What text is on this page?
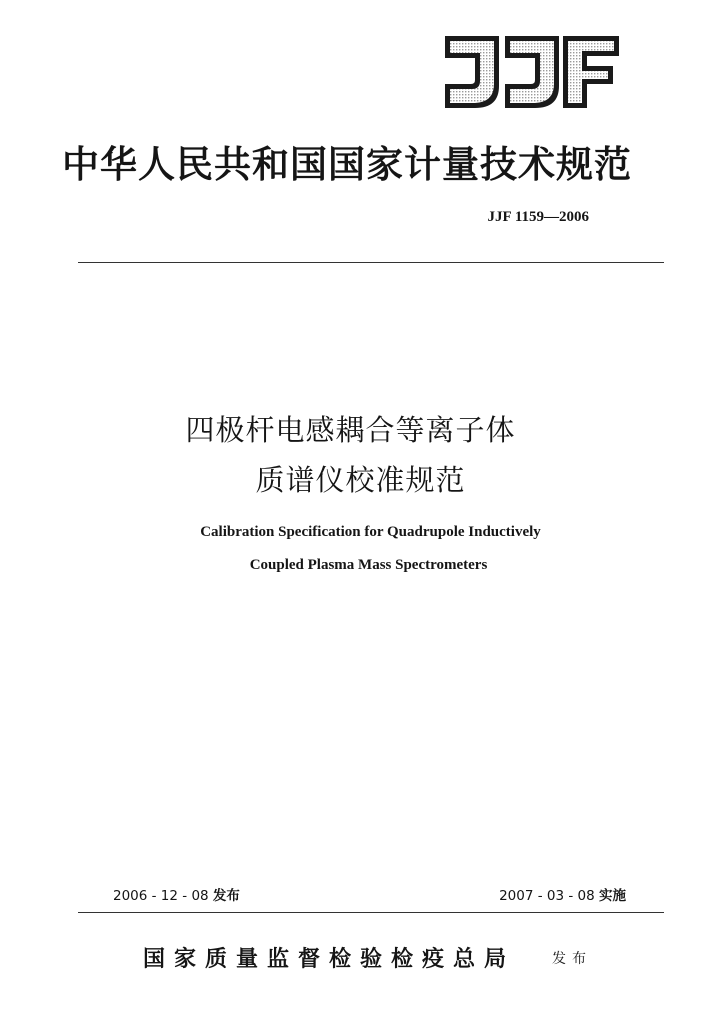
中华人民共和国国家计量技术规范
JJF 1159—2006
四极杆电感耦合等离子体
质谱仪校准规范
Calibration Specification for Quadrupole Inductively
Coupled Plasma Mass Spectrometers
2006 - 12 - 08 发布	2007 - 03 - 08 实施
国家质量监督检验检疫总局	发布
